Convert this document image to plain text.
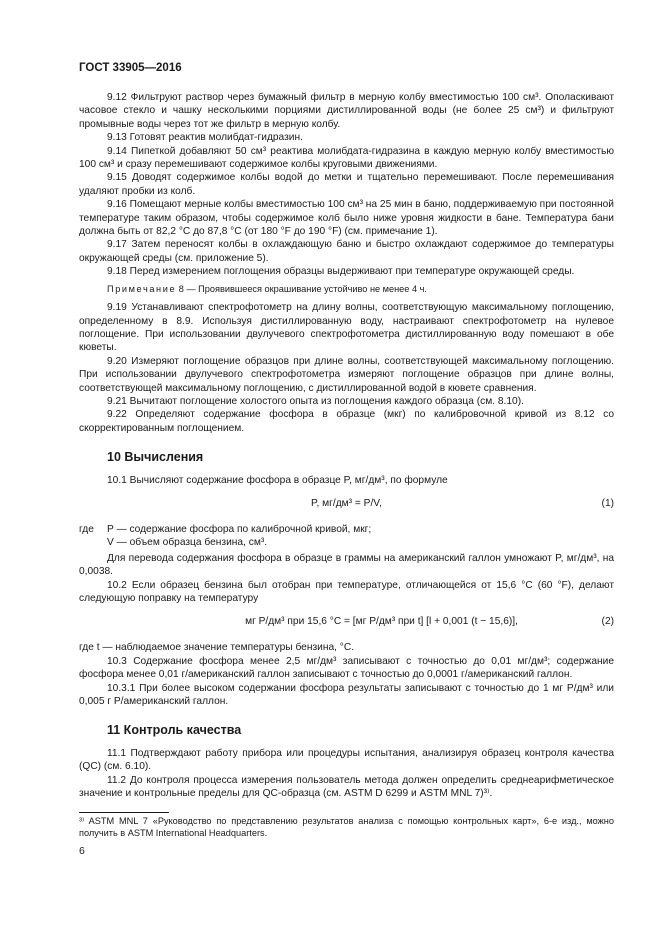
ГОСТ 33905—2016

9.12 Фильтруют раствор через бумажный фильтр в мерную колбу вместимостью 100 см³. Ополаскивают часовое стекло и чашку несколькими порциями дистиллированной воды (не более 25 см³) и фильтруют промывные воды через тот же фильтр в мерную колбу.

9.13 Готовят реактив молибдат-гидразин.

9.14 Пипеткой добавляют 50 см³ реактива молибдата-гидразина в каждую мерную колбу вместимостью 100 см³ и сразу перемешивают содержимое колбы круговыми движениями.

9.15 Доводят содержимое колбы водой до метки и тщательно перемешивают. После перемешивания удаляют пробки из колб.

9.16 Помещают мерные колбы вместимостью 100 см³ на 25 мин в баню, поддерживаемую при постоянной температуре таким образом, чтобы содержимое колб было ниже уровня жидкости в бане. Температура бани должна быть от 82,2 °C до 87,8 °C (от 180 °F до 190 °F) (см. примечание 1).

9.17 Затем переносят колбы в охлаждающую баню и быстро охлаждают содержимое до температуры окружающей среды (см. приложение 5).

9.18 Перед измерением поглощения образцы выдерживают при температуре окружающей среды.

Примечание 8 — Проявившееся окрашивание устойчиво не менее 4 ч.

9.19 Устанавливают спектрофотометр на длину волны, соответствующую максимальному поглощению, определенному в 8.9. Используя дистиллированную воду, настраивают спектрофотометр на нулевое поглощение. При использовании двулучевого спектрофотометра дистиллированную воду помешают в обе кюветы.

9.20 Измеряют поглощение образцов при длине волны, соответствующей максимальному поглощению. При использовании двулучевого спектрофотометра измеряют поглощение образцов при длине волны, соответствующей максимальному поглощению, с дистиллированной водой в кювете сравнения.

9.21 Вычитают поглощение холостого опыта из поглощения каждого образца (см. 8.10).

9.22 Определяют содержание фосфора в образце (мкг) по калибровочной кривой из 8.12 со скорректированным поглощением.

10 Вычисления

10.1 Вычисляют содержание фосфора в образце P, мг/дм³, по формуле

P, мг/дм³ = P/V,	(1)
где	P — содержание фосфора по калиброчной кривой, мкг;
V — объем образца бензина, см³.

Для перевода содержания фосфора в образце в граммы на американский галлон умножают P, мг/дм³, на 0,0038.

10.2 Если образец бензина был отобран при температуре, отличающейся от 15,6 °C (60 °F), делают следующую поправку на температуру

мг P/дм³ при 15,6 °C = [мг P/дм³ при t] [l + 0,001 (t − 15,6)],	(2)

где t — наблюдаемое значение температуры бензина, °C.

10.3 Содержание фосфора менее 2,5 мг/дм³ записывают с точностью до 0,01 мг/дм³; содержание фосфора менее 0,01 г/американский галлон записывают с точностью до 0,0001 г/американский галлон.

10.3.1 При более высоком содержании фосфора результаты записывают с точностью до 1 мг P/дм³ или 0,005 г P/американский галлон.

11 Контроль качества

11.1 Подтверждают работу прибора или процедуры испытания, анализируя образец контроля качества (QC) (см. 6.10).

11.2 До контроля процесса измерения пользователь метода должен определить среднеарифметическое значение и контрольные пределы для QC-образца (см. ASTM D 6299 и ASTM MNL 7)³⁾.

³⁾ ASTM MNL 7 «Руководство по представлению результатов анализа с помощью контрольных карт», 6-е изд., можно получить в ASTM International Headquarters.

6
